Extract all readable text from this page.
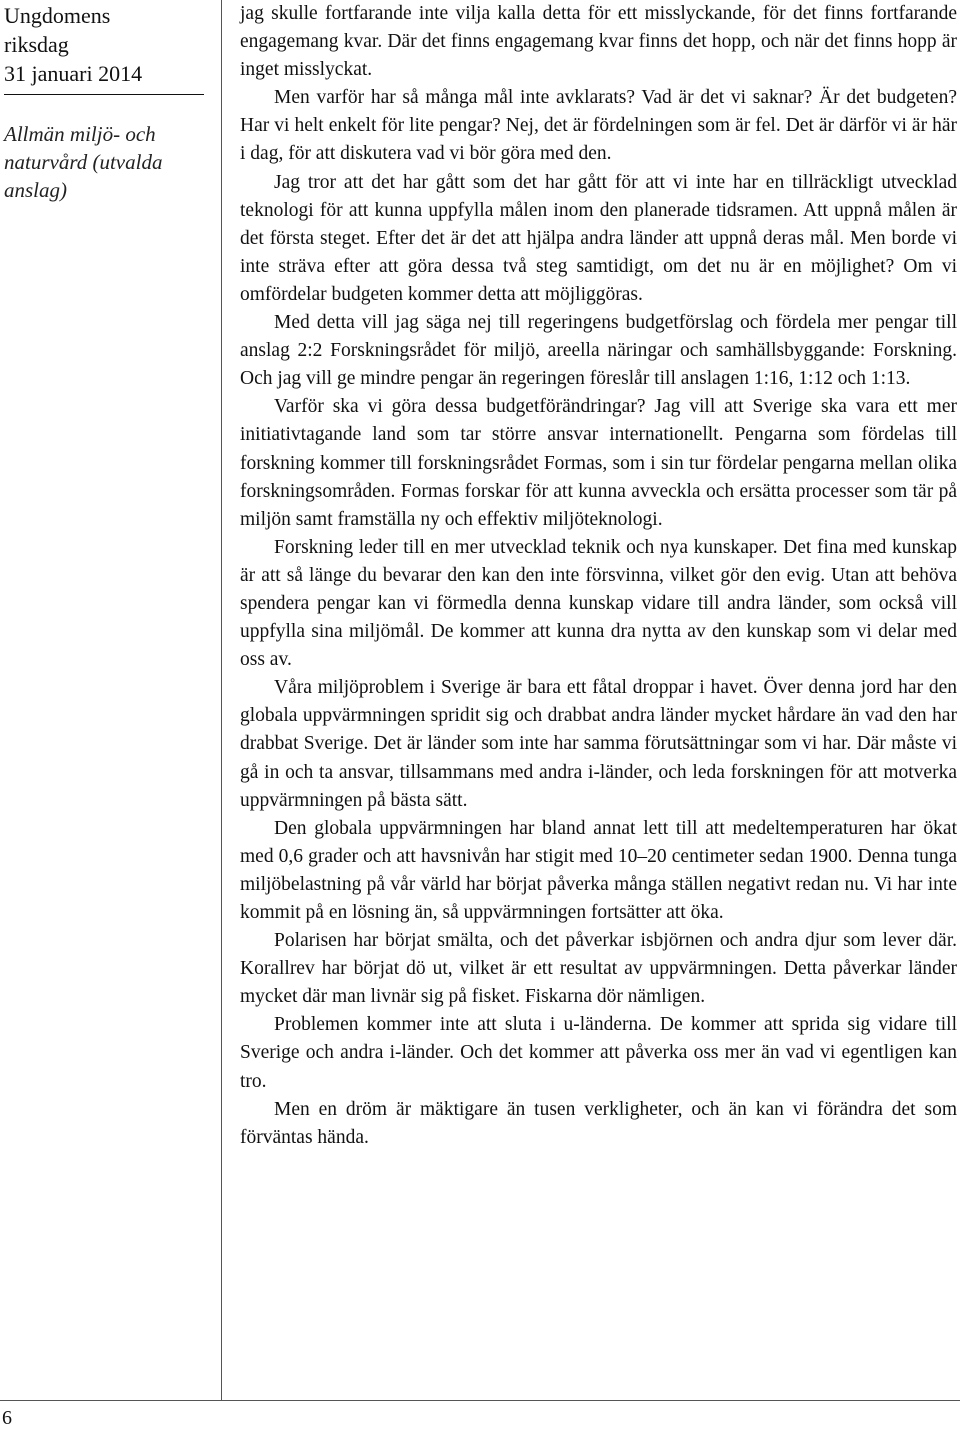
Ungdomens
riksdag
31 januari 2014
Allmän miljö- och
naturvård (utvalda
anslag)
6

jag skulle fortfarande inte vilja kalla detta för ett misslyckande, för det finns fortfarande engagemang kvar. Där det finns engagemang kvar finns det hopp, och när det finns hopp är inget misslyckat.

Men varför har så många mål inte avklarats? Vad är det vi saknar? Är det budgeten? Har vi helt enkelt för lite pengar? Nej, det är fördelningen som är fel. Det är därför vi är här i dag, för att diskutera vad vi bör göra med den.

Jag tror att det har gått som det har gått för att vi inte har en tillräckligt utvecklad teknologi för att kunna uppfylla målen inom den planerade tidsramen. Att uppnå målen är det första steget. Efter det är det att hjälpa andra länder att uppnå deras mål. Men borde vi inte sträva efter att göra dessa två steg samtidigt, om det nu är en möjlighet? Om vi omfördelar budgeten kommer detta att möjliggöras.

Med detta vill jag säga nej till regeringens budgetförslag och fördela mer pengar till anslag 2:2 Forskningsrådet för miljö, areella näringar och samhällsbyggande: Forskning. Och jag vill ge mindre pengar än regeringen föreslår till anslagen 1:16, 1:12 och 1:13.

Varför ska vi göra dessa budgetförändringar? Jag vill att Sverige ska vara ett mer initiativtagande land som tar större ansvar internationellt. Pengarna som fördelas till forskning kommer till forskningsrådet Formas, som i sin tur fördelar pengarna mellan olika forskningsområden. Formas forskar för att kunna avveckla och ersätta processer som tär på miljön samt framställa ny och effektiv miljöteknologi.

Forskning leder till en mer utvecklad teknik och nya kunskaper. Det fina med kunskap är att så länge du bevarar den kan den inte försvinna, vilket gör den evig. Utan att behöva spendera pengar kan vi förmedla denna kunskap vidare till andra länder, som också vill uppfylla sina miljömål. De kommer att kunna dra nytta av den kunskap som vi delar med oss av.

Våra miljöproblem i Sverige är bara ett fåtal droppar i havet. Över denna jord har den globala uppvärmningen spridit sig och drabbat andra länder mycket hårdare än vad den har drabbat Sverige. Det är länder som inte har samma förutsättningar som vi har. Där måste vi gå in och ta ansvar, tillsammans med andra i-länder, och leda forskningen för att motverka uppvärmningen på bästa sätt.

Den globala uppvärmningen har bland annat lett till att medeltemperaturen har ökat med 0,6 grader och att havsnivån har stigit med 10–20 centimeter sedan 1900. Denna tunga miljöbelastning på vår värld har börjat påverka många ställen negativt redan nu. Vi har inte kommit på en lösning än, så uppvärmningen fortsätter att öka.

Polarisen har börjat smälta, och det påverkar isbjörnen och andra djur som lever där. Korallrev har börjat dö ut, vilket är ett resultat av uppvärmningen. Detta påverkar länder mycket där man livnär sig på fisket. Fiskarna dör nämligen.

Problemen kommer inte att sluta i u-länderna. De kommer att sprida sig vidare till Sverige och andra i-länder. Och det kommer att påverka oss mer än vad vi egentligen kan tro.

Men en dröm är mäktigare än tusen verkligheter, och än kan vi förändra det som förväntas hända.
